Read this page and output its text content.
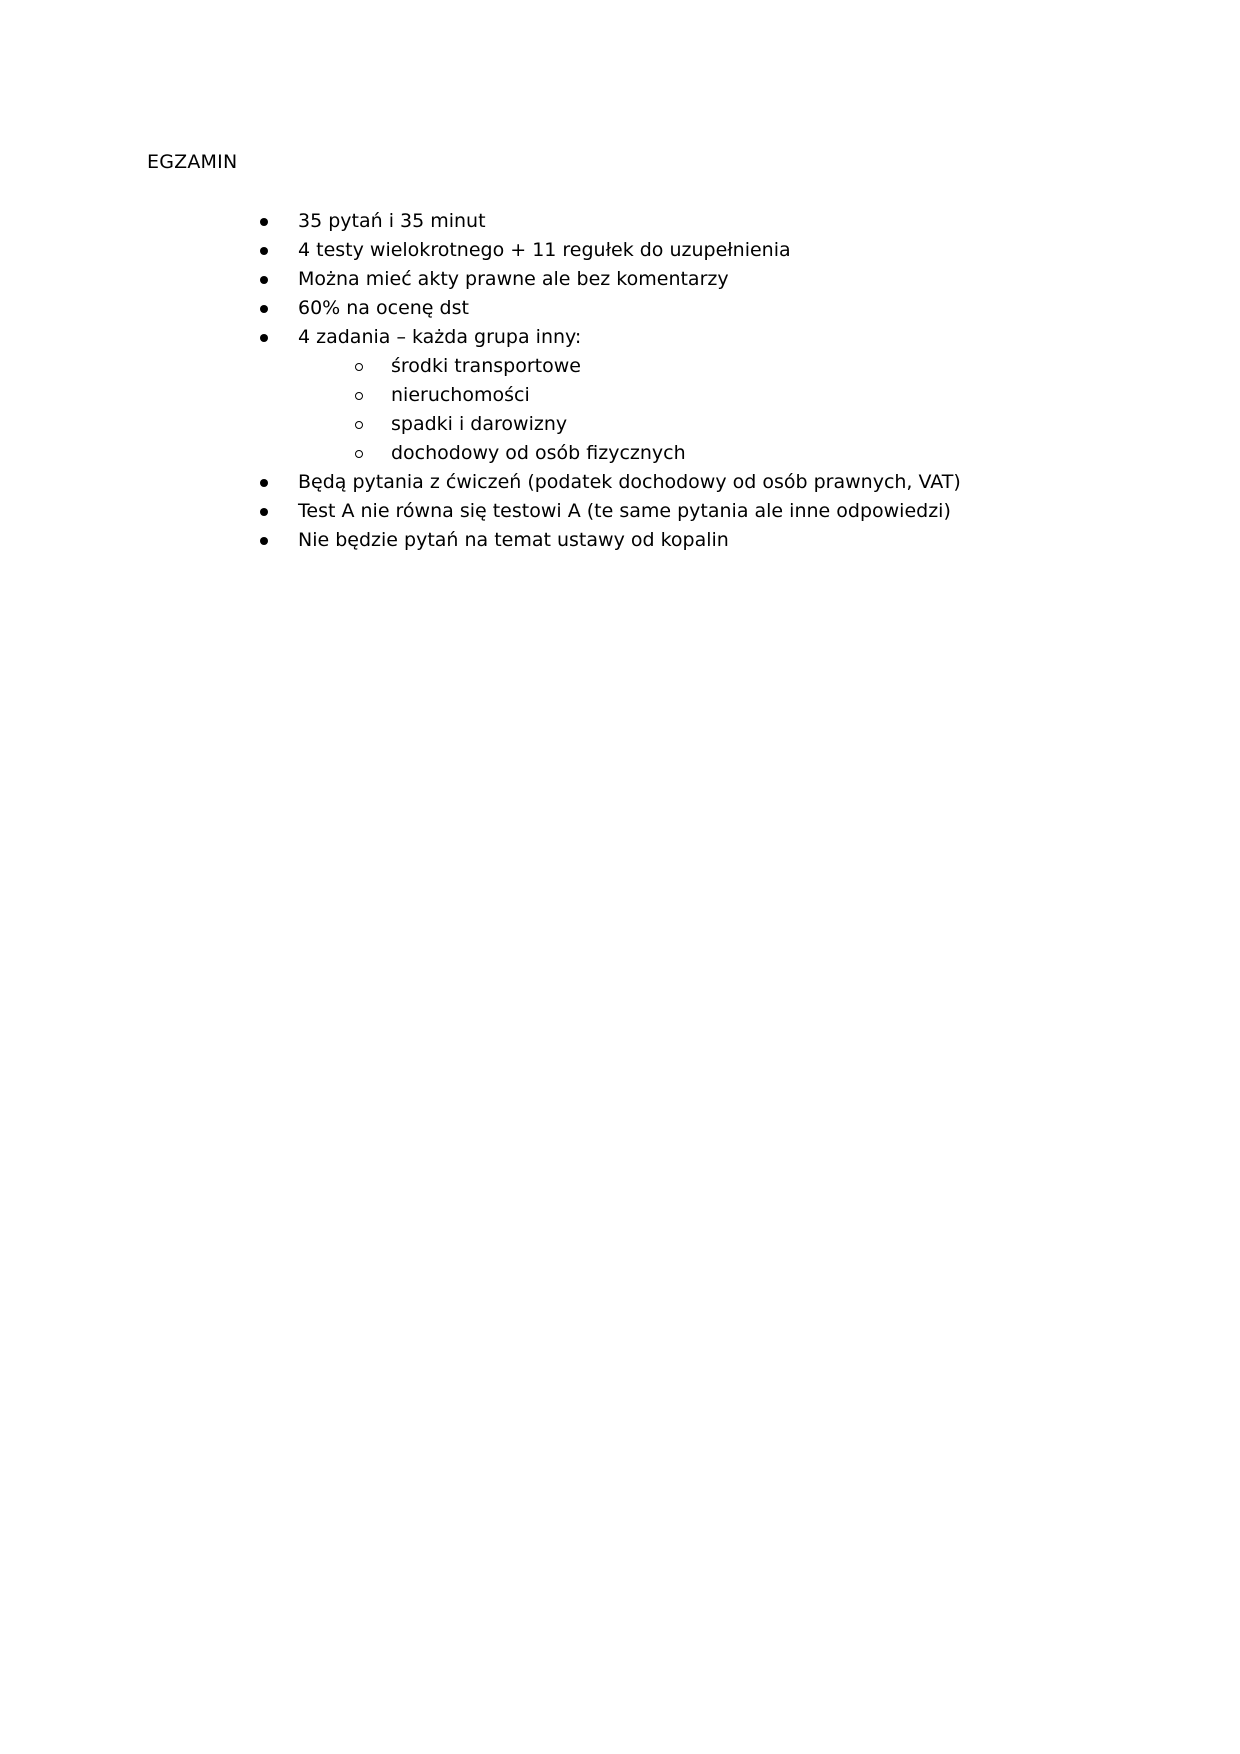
EGZAMIN
35 pytań i 35 minut
4 testy wielokrotnego + 11 regułek do uzupełnienia
Można mieć akty prawne ale bez komentarzy
60% na ocenę dst
4 zadania – każda grupa inny:
środki transportowe
nieruchomości
spadki i darowizny
dochodowy od osób fizycznych
Będą pytania z ćwiczeń (podatek dochodowy od osób prawnych, VAT)
Test A nie równa się testowi A (te same pytania ale inne odpowiedzi)
Nie będzie pytań na temat ustawy od kopalin
